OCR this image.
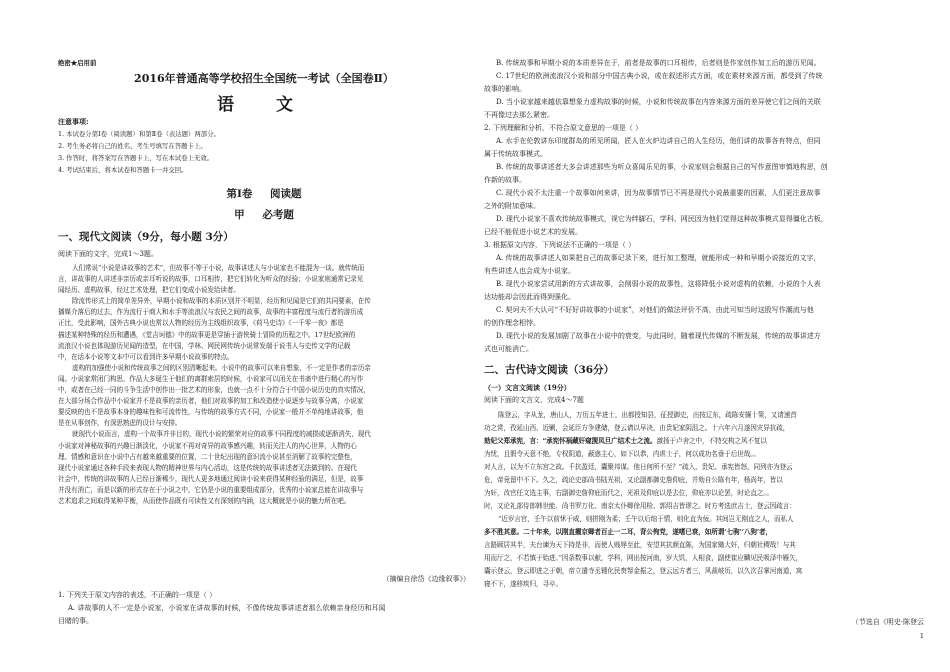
绝密★启用前
2016年普通高等学校招生全国统一考试（全国卷Ⅱ）
语 文
注意事项:
1. 本试卷分第Ⅰ卷（阅读题）和第Ⅱ卷（表达题）两部分。
2. 考生务必将自己的姓名、考生号填写在答题卡上。
3. 作答时，将答案写在答题卡上，写在本试卷上无效。
4. 考试结束后，将本试卷和答题卡一并交回。
第Ⅰ卷 阅读题
甲 必考题
一、现代文阅读（9分，每小题 3分）
阅读下面的文字，完成1～3题。
人们常说“小说是讲故事的艺术”，但故事不等于小说，故事讲述人与小说家也不能混为一谈。就传统而
言，讲故事的人讲述非亲历或亲耳听说的故事，口耳相传，把它们转化为听众的经验；小说家则通常记录见
闻经历、虚构故事，经过艺术处理，把它们变成小说发给读者。
除流传形式上的简单差异外，早期小说和故事的本质区别并不明显，经历和见闻是它们的共同要素，在传
播媒介落后的过去，作为流行于商人和水手等流浪汉与农民之间的故事，故事的丰富程度与流行者的游历成
正比，受此影响，国外古典小说也常以人物的经历为主线组织故事，《荷马史诗》《一千零一夜》都是
描述某种特殊的经历和遭遇，《堂吉诃德》中的故事更是穿插于游侠骑士冒险的历程之中。17世纪欧洲的
流浪汉小说也体现游历见闻的造型，在中国，学林、网民网传统小说常发端于说书人与史传文学的记载
中，在话本小说等文本中可以看到许多早期小说故事的特点。
虚构的加强使小说和传统故事之间的区别清晰起来。小说中的故事可以来自想象，不一定是作者的亲历亲
闻。小说家常闭门构思，作品大多诞生于他们的离群索居的时候，小说家可以闭关在书斋中进行精心的写作
中，或者在己经一同的斗争生活中创作出一批艺术的形象，也就一点不十分符合于中国小说历史的真实情况，
在大部分场合作品中小说家并不是故事的亲历者，他们对故事的加工和改造使小说逐步与故事分离，小说家
要反映的也不是故事本身的趣味性和可流传性，与传统的故事方式不同，小说家一般并不单纯地讲故事，他
是在从事创作，有深思熟虑的设计与安排。
就现代小说而言，虚构一个故事并非目的，现代小说的繁荣对应的故事不同程度的减损或逐渐消失，现代
小说家对神秘故事的兴趣日渐淡化，小说家不再对奇异的故事感兴趣，转而关注人的内心世界，人物的心
理、情感和意识在小说中占有越来越重要的位置，二十世纪出现的意识流小说甚至消解了故事的完整性，
现代小说家通过各种手段来表现人物的精神世界与内心活动，这是传统的故事讲述者无法做到的。在现代
社会中，传统的讲故事的人已经日渐稀少，现代人更多地通过阅读小说来获得某种经验的满足，但是，故事
并没有消亡，而是以新的形式存在于小说之中，它仍是小说的重要组成部分，优秀的小说家总能在讲故事与
艺术追求之间取得某种平衡，从而使作品既有可读性又有深刻的内涵，这大概就是小说的魅力所在吧。
（摘编自徐岱《边缘叙事》）
1. 下列关于原文内容的表述，不正确的一项是（ ）
A. 讲故事的人不一定是小说家，小说家在讲故事的时候，不像传统故事讲述者那么依赖亲身经历和耳闻
目睹的事。
B. 传统故事和早期小说的本质差异在于，前者是故事的口耳相传，后者则是作家创作加工后的游历见闻。
C. 17世纪的欧洲流浪汉小说和部分中国古典小说，或在叙述形式方面，或在素材来源方面，都受到了传统
故事的影响。
D. 当小说家越来越依靠想象力虚构故事的时候，小说和传统故事在内容来源方面的差异使它们之间的关联
不再像过去那么紧密。
2. 下列理解和分析，不符合原文意思的一项是（ ）
A. 水手在伦敦讲东印度群岛的所见所闻，匠人在火炉边讲自己的人生经历，他们讲的故事各有特点，但同
属于传统故事模式。
B. 传统的故事讲述者大多会讲述那些为听众喜闻乐见的事，小说家则会根据自己的写作意图审慎地构思，创
作新的故事。
C. 现代小说不太注重一个故事如何来讲，因为故事情节已不再是现代小说最重要的因素，人们更注意故事
之外的附加意味。
D. 现代小说家不喜欢传统故事模式，视它为绊脚石，学科、网民因为他们觉得这种故事模式显得僵化古板，
已经不能促进小说艺术的发展。
3. 根据原文内容，下列说法不正确的一项是（ ）
A. 传统的故事讲述人如果把自己的故事记录下来，进行加工整理，就能形成一种和早期小说接近的文字，
有些讲述人也会成为小说家。
B. 现代小说家尝试用新的方式讲故事，会削弱小说的故事性，这将降低小说对虚构的依赖，小说的个人表
达功能却会因此而得到强化。
C. 契诃夫不大认可“不好好讲故事的小说家”，对他们的做法评价不高，由此可知当时这股写作潮流与他
的创作理念相悖。
D. 现代小说的发展加剧了故事在小说中的衰变，与此同时，随着现代传媒的不断发展，传统的故事讲述方
式也可能消亡。
二、古代诗文阅读（36分）
（一）文言文阅读（19分）
阅读下面的文言文，完成4～7题
陈登云，字从龙，唐山人，万历五年进士，出都授知县，征授御史，出按辽东，疏陈安攘十策，又请速首
功之赏，孜延山西、近剿，会延臣方争建储，登云请以早决，由贵妃家阴沮之。十六年六月遂因灾异抗疏，
劾妃父郑承宪，言：“承宪怀祸藏奸窥觊凤旦广结术士之流。激扬于卢舍之中，不特交构之风不复以
为忧，且假令天意不绝，专权阴道，蔽惑主心，如下以恭，内虐士子，何以成功名垂于后世哉。。
对人言，以为不立东宫之故。千抗盈廷，囊聚邦谋。他日何所不至？”疏入，贵妃、承宪皆怒，同列亦为登云
危，帝竟留中不下。久之，疏论史部尚书陆光祖，又论副都御史詹仰庇，并劾自公陈有年，杨尚年，皆以
为奸，改官任文选主事，右副御史詹仰庇而代之，光祖及仰庇以是去位，仰庇亦以论罢，时论直之。。
时，又论礼部侍郎韩世能、尚书罗万化、南京太仆卿徐用检、郭绍吉皆谬之。时方考选庶吉士，登云因疏言：
“近岁言官，壬午以前怵于威，则拼刚为柔；壬午以后绌于情，则化直为佞。其间岂无刚直之人，而私人
多不胜其意。二十年来，以刚直擢京卿者百止一二耳，背公徇党，遂嗜已衰，如所谓‘七驹’‘八狗’者，
言路顾居其半，夫台谏为天下持是非，而使人贱辱至此，安望其抗颜直陈，为国家锄大奸，归朝社稷哉！与其
用而厅之，不若慎于始进。”因条数事以献，学科，网出按河南，岁大饥，人相食，副使崔应麟见民吸泽中雁矢，
囊示登云，登云即进之于朝，帝立遣寺丞锺化民赍帑金振之，登云远方者三，风裁岐历，以久次召掌河南道，寓
寝不下，遂移疾归，寻卒。
（节选自《明史·陈登云
1
